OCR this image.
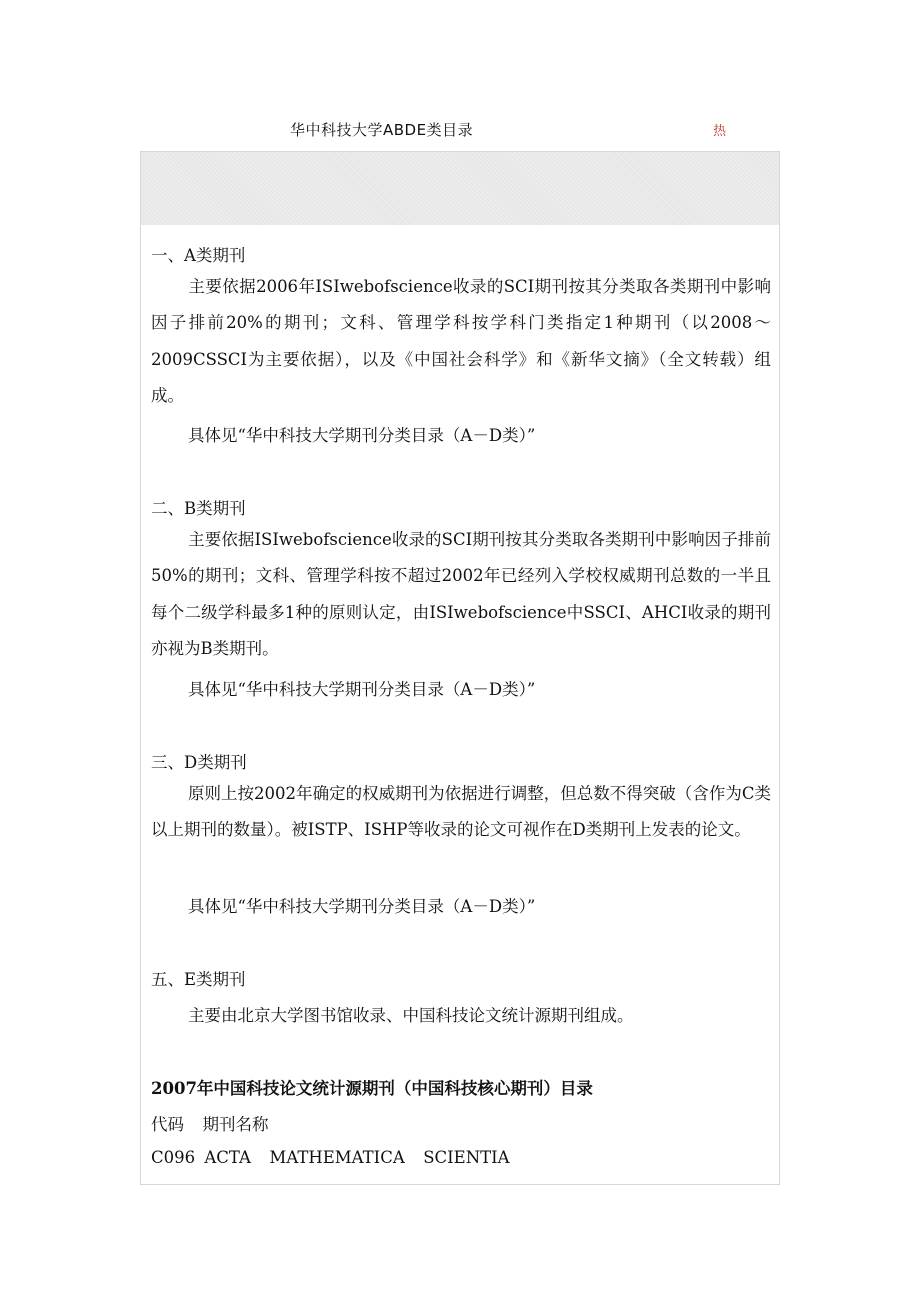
华中科技大学ABDE类目录	热
一、A类期刊
主要依据2006年ISIwebofscience收录的SCI期刊按其分类取各类期刊中影响因子排前20%的期刊；文科、管理学科按学科门类指定1种期刊（以2008～2009CSSCI为主要依据），以及《中国社会科学》和《新华文摘》（全文转载）组成。
具体见“华中科技大学期刊分类目录（A－D类）”
二、B类期刊
主要依据ISIwebofscience收录的SCI期刊按其分类取各类期刊中影响因子排前50%的期刊；文科、管理学科按不超过2002年已经列入学校权威期刊总数的一半且每个二级学科最多1种的原则认定，由ISIwebofscience中SSCI、AHCI收录的期刊亦视为B类期刊。
具体见“华中科技大学期刊分类目录（A－D类）”
三、D类期刊
原则上按2002年确定的权威期刊为依据进行调整，但总数不得突破（含作为C类以上期刊的数量）。被ISTP、ISHP等收录的论文可视作在D类期刊上发表的论文。
具体见“华中科技大学期刊分类目录（A－D类）”
五、E类期刊
主要由北京大学图书馆收录、中国科技论文统计源期刊组成。
2007年中国科技论文统计源期刊（中国科技核心期刊）目录
代码  期刊名称
C096 ACTA  MATHEMATICA  SCIENTIA
